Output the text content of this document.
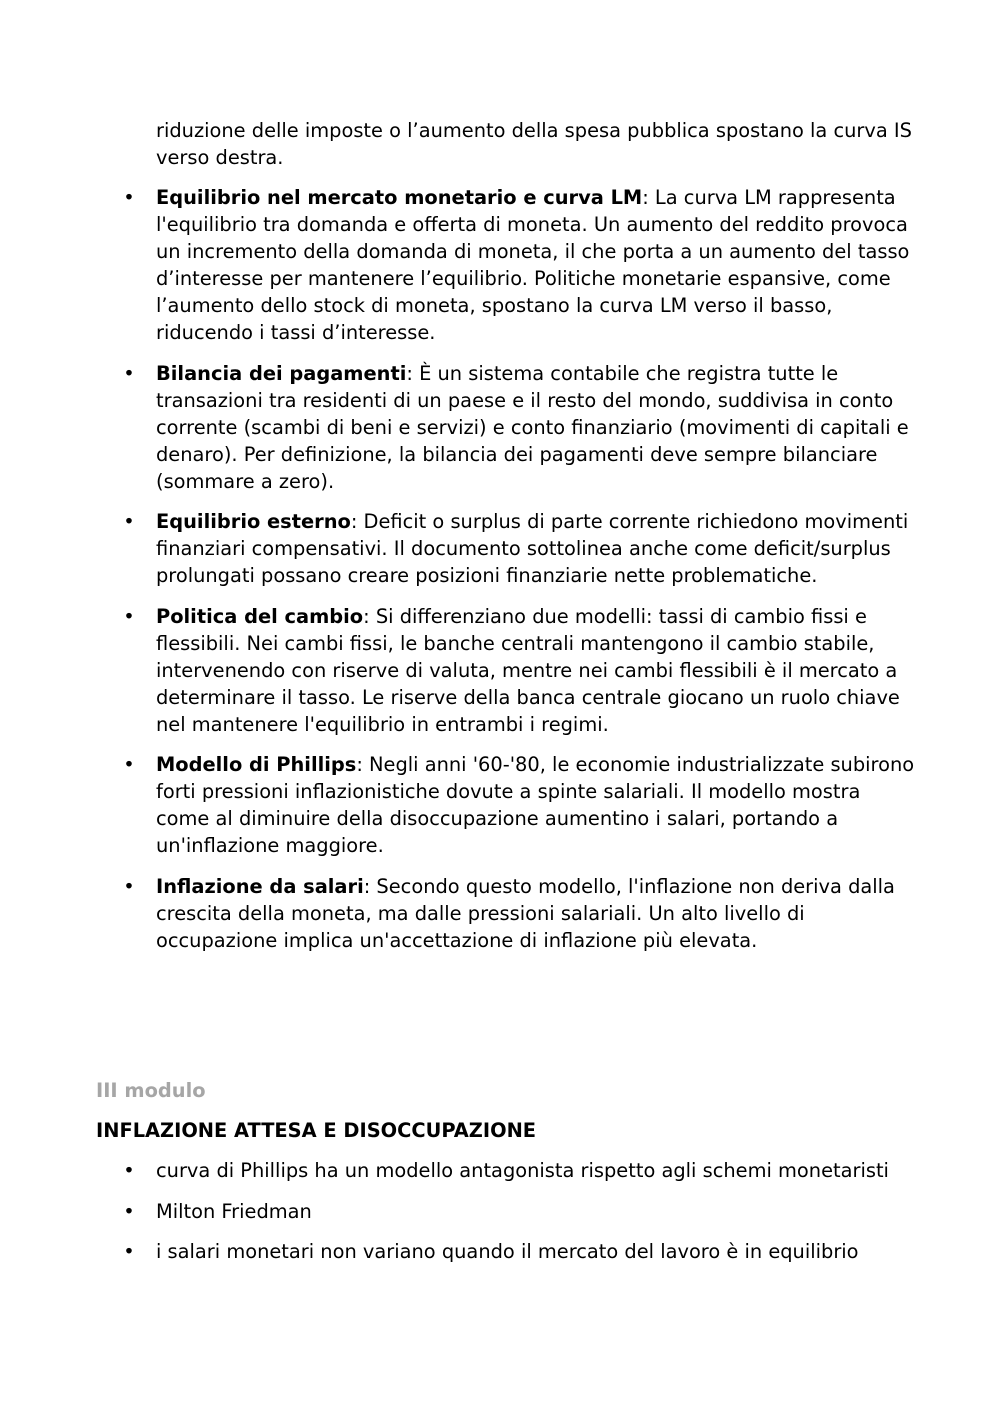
riduzione delle imposte o l’aumento della spesa pubblica spostano la curva IS verso destra.

• Equilibrio nel mercato monetario e curva LM: La curva LM rappresenta l'equilibrio tra domanda e offerta di moneta. Un aumento del reddito provoca un incremento della domanda di moneta, il che porta a un aumento del tasso d’interesse per mantenere l’equilibrio. Politiche monetarie espansive, come l’aumento dello stock di moneta, spostano la curva LM verso il basso, riducendo i tassi d’interesse.
• Bilancia dei pagamenti: È un sistema contabile che registra tutte le transazioni tra residenti di un paese e il resto del mondo, suddivisa in conto corrente (scambi di beni e servizi) e conto finanziario (movimenti di capitali e denaro). Per definizione, la bilancia dei pagamenti deve sempre bilanciare (sommare a zero).
• Equilibrio esterno: Deficit o surplus di parte corrente richiedono movimenti finanziari compensativi. Il documento sottolinea anche come deficit/surplus prolungati possano creare posizioni finanziarie nette problematiche.
• Politica del cambio: Si differenziano due modelli: tassi di cambio fissi e flessibili. Nei cambi fissi, le banche centrali mantengono il cambio stabile, intervenendo con riserve di valuta, mentre nei cambi flessibili è il mercato a determinare il tasso. Le riserve della banca centrale giocano un ruolo chiave nel mantenere l'equilibrio in entrambi i regimi.
• Modello di Phillips: Negli anni '60-'80, le economie industrializzate subirono forti pressioni inflazionistiche dovute a spinte salariali. Il modello mostra come al diminuire della disoccupazione aumentino i salari, portando a un'inflazione maggiore.
• Inflazione da salari: Secondo questo modello, l'inflazione non deriva dalla crescita della moneta, ma dalle pressioni salariali. Un alto livello di occupazione implica un'accettazione di inflazione più elevata.

III modulo

INFLAZIONE ATTESA E DISOCCUPAZIONE

• curva di Phillips ha un modello antagonista rispetto agli schemi monetaristi
• Milton Friedman
• i salari monetari non variano quando il mercato del lavoro è in equilibrio
